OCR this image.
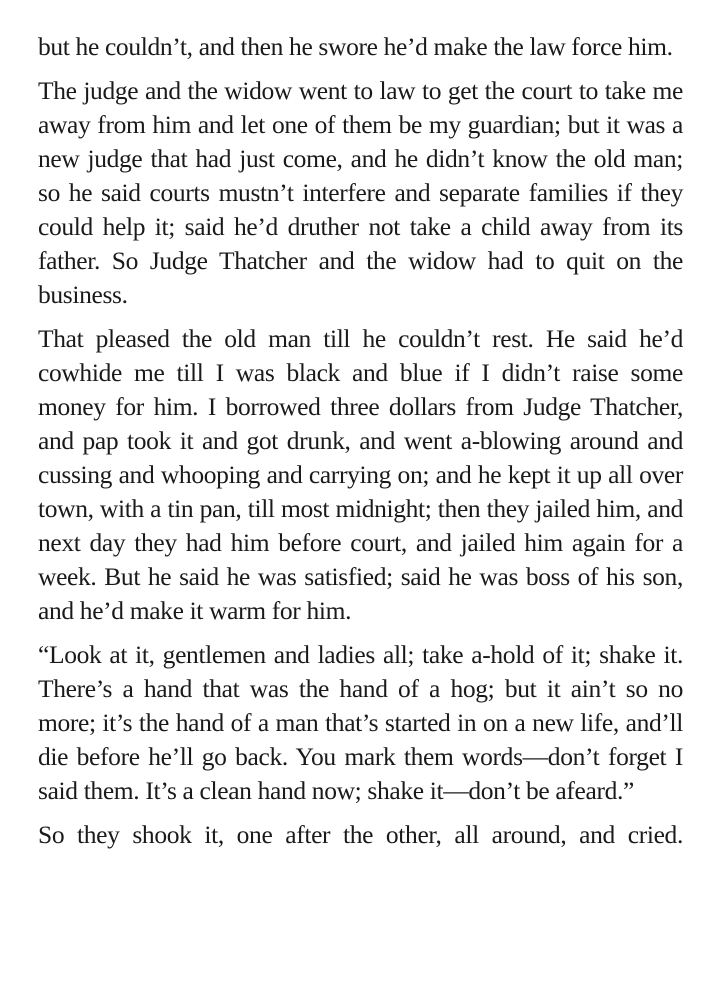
but he couldn’t, and then he swore he’d make the law force him.

The judge and the widow went to law to get the court to take me away from him and let one of them be my guardian; but it was a new judge that had just come, and he didn’t know the old man; so he said courts mustn’t interfere and separate families if they could help it; said he’d druther not take a child away from its father. So Judge Thatcher and the widow had to quit on the business.

That pleased the old man till he couldn’t rest. He said he’d cowhide me till I was black and blue if I didn’t raise some money for him. I borrowed three dollars from Judge Thatcher, and pap took it and got drunk, and went a-blowing around and cussing and whooping and carrying on; and he kept it up all over town, with a tin pan, till most midnight; then they jailed him, and next day they had him before court, and jailed him again for a week. But he said he was satisfied; said he was boss of his son, and he’d make it warm for him.

“Look at it, gentlemen and ladies all; take a-hold of it; shake it. There’s a hand that was the hand of a hog; but it ain’t so no more; it’s the hand of a man that’s started in on a new life, and’ll die before he’ll go back. You mark them words—don’t forget I said them. It’s a clean hand now; shake it—don’t be afeard.”

So they shook it, one after the other, all around, and cried.
